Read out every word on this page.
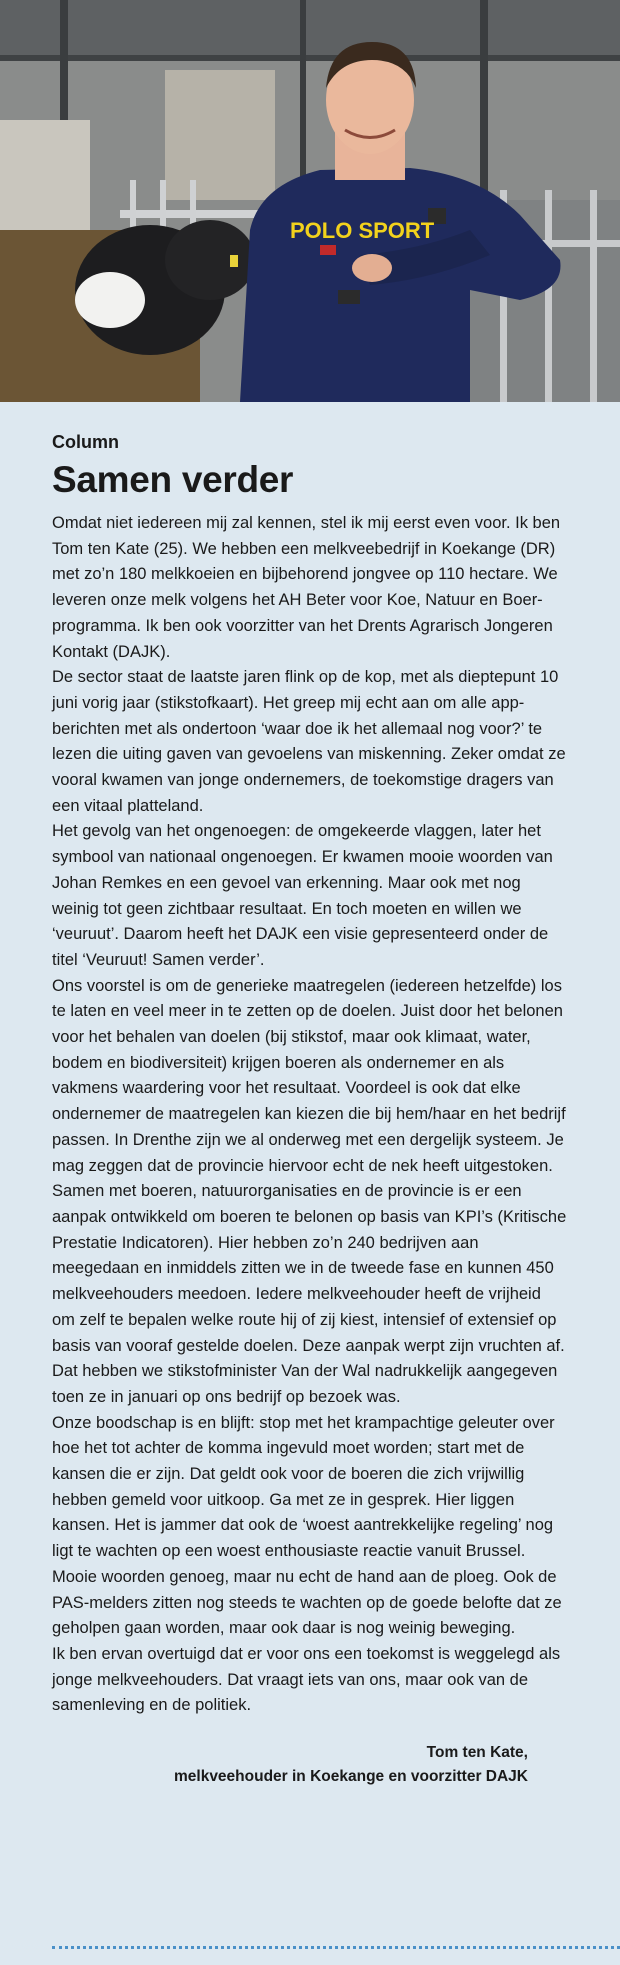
POLO SPORT
Column
Samen verder

Omdat niet iedereen mij zal kennen, stel ik mij eerst even voor. Ik ben Tom ten Kate (25). We hebben een melkveebedrijf in Koekange (DR) met zo’n 180 melkkoeien en bijbehorend jongvee op 110 hectare. We leveren onze melk volgens het AH Beter voor Koe, Natuur en Boer-programma. Ik ben ook voorzitter van het Drents Agrarisch Jongeren Kontakt (DAJK).

De sector staat de laatste jaren flink op de kop, met als dieptepunt 10 juni vorig jaar (stikstofkaart). Het greep mij echt aan om alle app-berichten met als ondertoon ‘waar doe ik het allemaal nog voor?’ te lezen die uiting gaven van gevoelens van miskenning. Zeker omdat ze vooral kwamen van jonge ondernemers, de toekomstige dragers van een vitaal platteland.

Het gevolg van het ongenoegen: de omgekeerde vlaggen, later het symbool van nationaal ongenoegen. Er kwamen mooie woorden van Johan Remkes en een gevoel van erkenning. Maar ook met nog weinig tot geen zichtbaar resultaat. En toch moeten en willen we ‘veuruut’. Daarom heeft het DAJK een visie gepresenteerd onder de titel ‘Veuruut! Samen verder’.

Ons voorstel is om de generieke maatregelen (iedereen hetzelfde) los te laten en veel meer in te zetten op de doelen. Juist door het belonen voor het behalen van doelen (bij stikstof, maar ook klimaat, water, bodem en biodiversiteit) krijgen boeren als ondernemer en als vakmens waardering voor het resultaat. Voordeel is ook dat elke ondernemer de maatregelen kan kiezen die bij hem/haar en het bedrijf passen. In Drenthe zijn we al onderweg met een dergelijk systeem. Je mag zeggen dat de provincie hiervoor echt de nek heeft uitgestoken.

Samen met boeren, natuurorganisaties en de provincie is er een aanpak ontwikkeld om boeren te belonen op basis van KPI’s (Kritische Prestatie Indicatoren). Hier hebben zo’n 240 bedrijven aan meegedaan en inmiddels zitten we in de tweede fase en kunnen 450 melkveehouders meedoen. Iedere melkveehouder heeft de vrijheid om zelf te bepalen welke route hij of zij kiest, intensief of extensief op basis van vooraf gestelde doelen. Deze aanpak werpt zijn vruchten af. Dat hebben we stikstofminister Van der Wal nadrukkelijk aangegeven toen ze in januari op ons bedrijf op bezoek was.

Onze boodschap is en blijft: stop met het krampachtige geleuter over hoe het tot achter de komma ingevuld moet worden; start met de kansen die er zijn. Dat geldt ook voor de boeren die zich vrijwillig hebben gemeld voor uitkoop. Ga met ze in gesprek. Hier liggen kansen. Het is jammer dat ook de ‘woest aantrekkelijke regeling’ nog ligt te wachten op een woest enthousiaste reactie vanuit Brussel. Mooie woorden genoeg, maar nu echt de hand aan de ploeg. Ook de PAS-melders zitten nog steeds te wachten op de goede belofte dat ze geholpen gaan worden, maar ook daar is nog weinig beweging.

Ik ben ervan overtuigd dat er voor ons een toekomst is weggelegd als jonge melkveehouders. Dat vraagt iets van ons, maar ook van de samenleving en de politiek.

Tom ten Kate,
melkveehouder in Koekange en voorzitter DAJK
